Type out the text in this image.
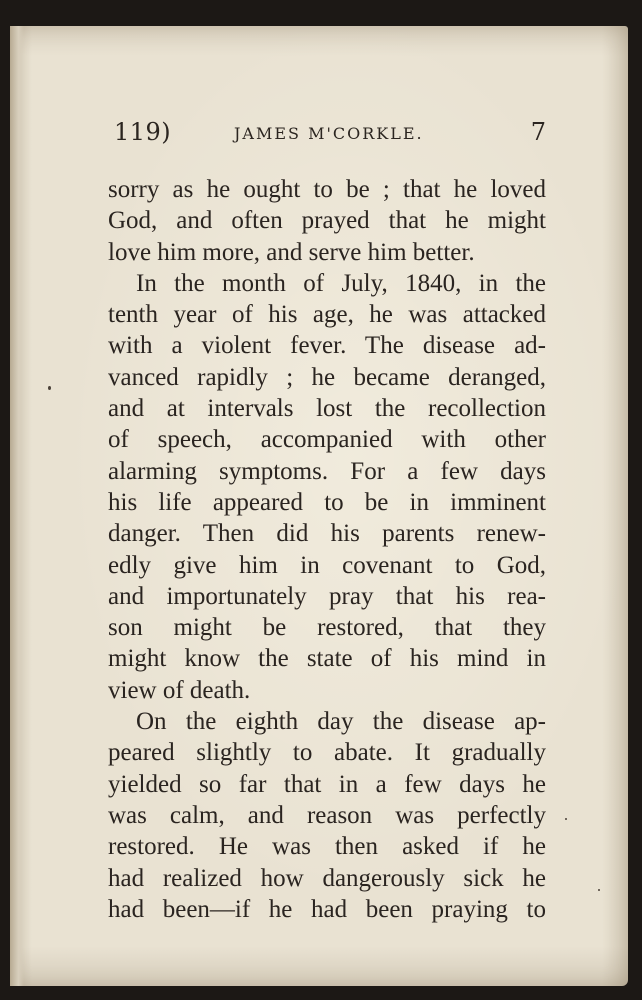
119)	JAMES M'CORKLE.	7
sorry as he ought to be ; that he loved
God, and often prayed that he might
love him more, and serve him better.
In the month of July, 1840, in the
tenth year of his age, he was attacked
with a violent fever. The disease ad-
vanced rapidly ; he became deranged,
and at intervals lost the recollection
of speech, accompanied with other
alarming symptoms. For a few days
his life appeared to be in imminent
danger. Then did his parents renew-
edly give him in covenant to God,
and importunately pray that his rea-
son might be restored, that they
might know the state of his mind in
view of death.
On the eighth day the disease ap-
peared slightly to abate. It gradually
yielded so far that in a few days he
was calm, and reason was perfectly
restored. He was then asked if he
had realized how dangerously sick he
had been—if he had been praying to
